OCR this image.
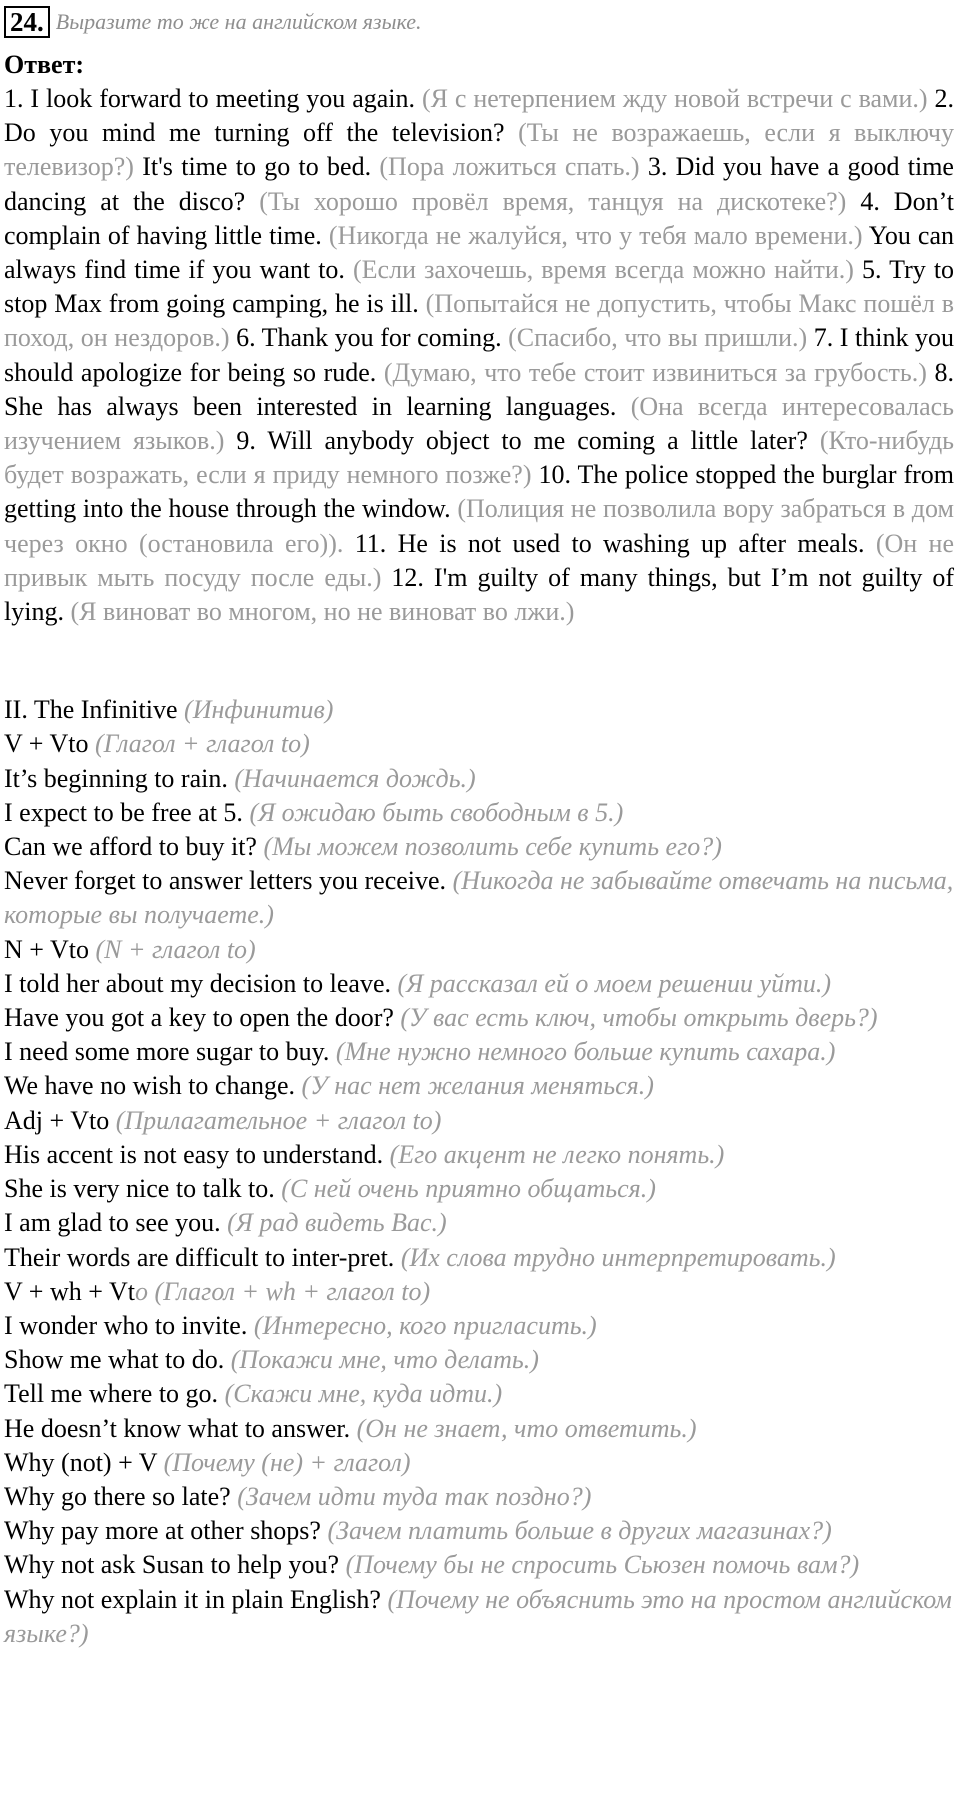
24. Выразите то же на английском языке.
Ответ:

1. I look forward to meeting you again. (Я с нетерпением жду новой встречи с вами.) 2. Do you mind me turning off the television? (Ты не возражаешь, если я выключу телевизор?) It's time to go to bed. (Пора ложиться спать.) 3. Did you have a good time dancing at the disco? (Ты хорошо провёл время, танцуя на дискотеке?) 4. Don’t complain of having little time. (Никогда не жалуйся, что у тебя мало времени.) You can always find time if you want to. (Если захочешь, время всегда можно найти.) 5. Try to stop Max from going camping, he is ill. (Попытайся не допустить, чтобы Макс пошёл в поход, он нездоров.) 6. Thank you for coming. (Спасибо, что вы пришли.) 7. I think you should apologize for being so rude. (Думаю, что тебе стоит извиниться за грубость.) 8. She has always been interested in learning languages. (Она всегда интересовалась изучением языков.) 9. Will anybody object to me coming a little later? (Кто-нибудь будет возражать, если я приду немного позже?) 10. The police stopped the burglar from getting into the house through the window. (Полиция не позволила вору забраться в дом через окно (остановила его)). 11. He is not used to washing up after meals. (Он не привык мыть посуду после еды.) 12. I'm guilty of many things, but I’m not guilty of lying. (Я виноват во многом, но не виноват во лжи.)

II. The Infinitive (Инфинитив)

V + Vto (Глагол + глагол to)

It’s beginning to rain. (Начинается дождь.)

I expect to be free at 5. (Я ожидаю быть свободным в 5.)

Can we afford to buy it? (Мы можем позволить себе купить его?)

Never forget to answer letters you receive. (Никогда не забывайте отвечать на письма, которые вы получаете.)

N + Vto (N + глагол to)

I told her about my decision to leave. (Я рассказал ей о моем решении уйти.)

Have you got a key to open the door? (У вас есть ключ, чтобы открыть дверь?)

I need some more sugar to buy. (Мне нужно немного больше купить сахара.)

We have no wish to change. (У нас нет желания меняться.)

Adj + Vto (Прилагательное + глагол to)

His accent is not easy to understand. (Его акцент не легко понять.)

She is very nice to talk to. (С ней очень приятно общаться.)

I am glad to see you. (Я рад видеть Вас.)

Their words are difficult to inter-pret. (Их слова трудно интерпретировать.)

V + wh + Vto (Глагол + wh + глагол to)

I wonder who to invite. (Интересно, кого пригласить.)

Show me what to do. (Покажи мне, что делать.)

Tell me where to go. (Скажи мне, куда идти.)

He doesn’t know what to answer. (Он не знает, что ответить.)

Why (not) + V (Почему (не) + глагол)

Why go there so late? (Зачем идти туда так поздно?)

Why pay more at other shops? (Зачем платить больше в других магазинах?)

Why not ask Susan to help you? (Почему бы не спросить Сьюзен помочь вам?)

Why not explain it in plain English? (Почему не объяснить это на простом английском языке?)
